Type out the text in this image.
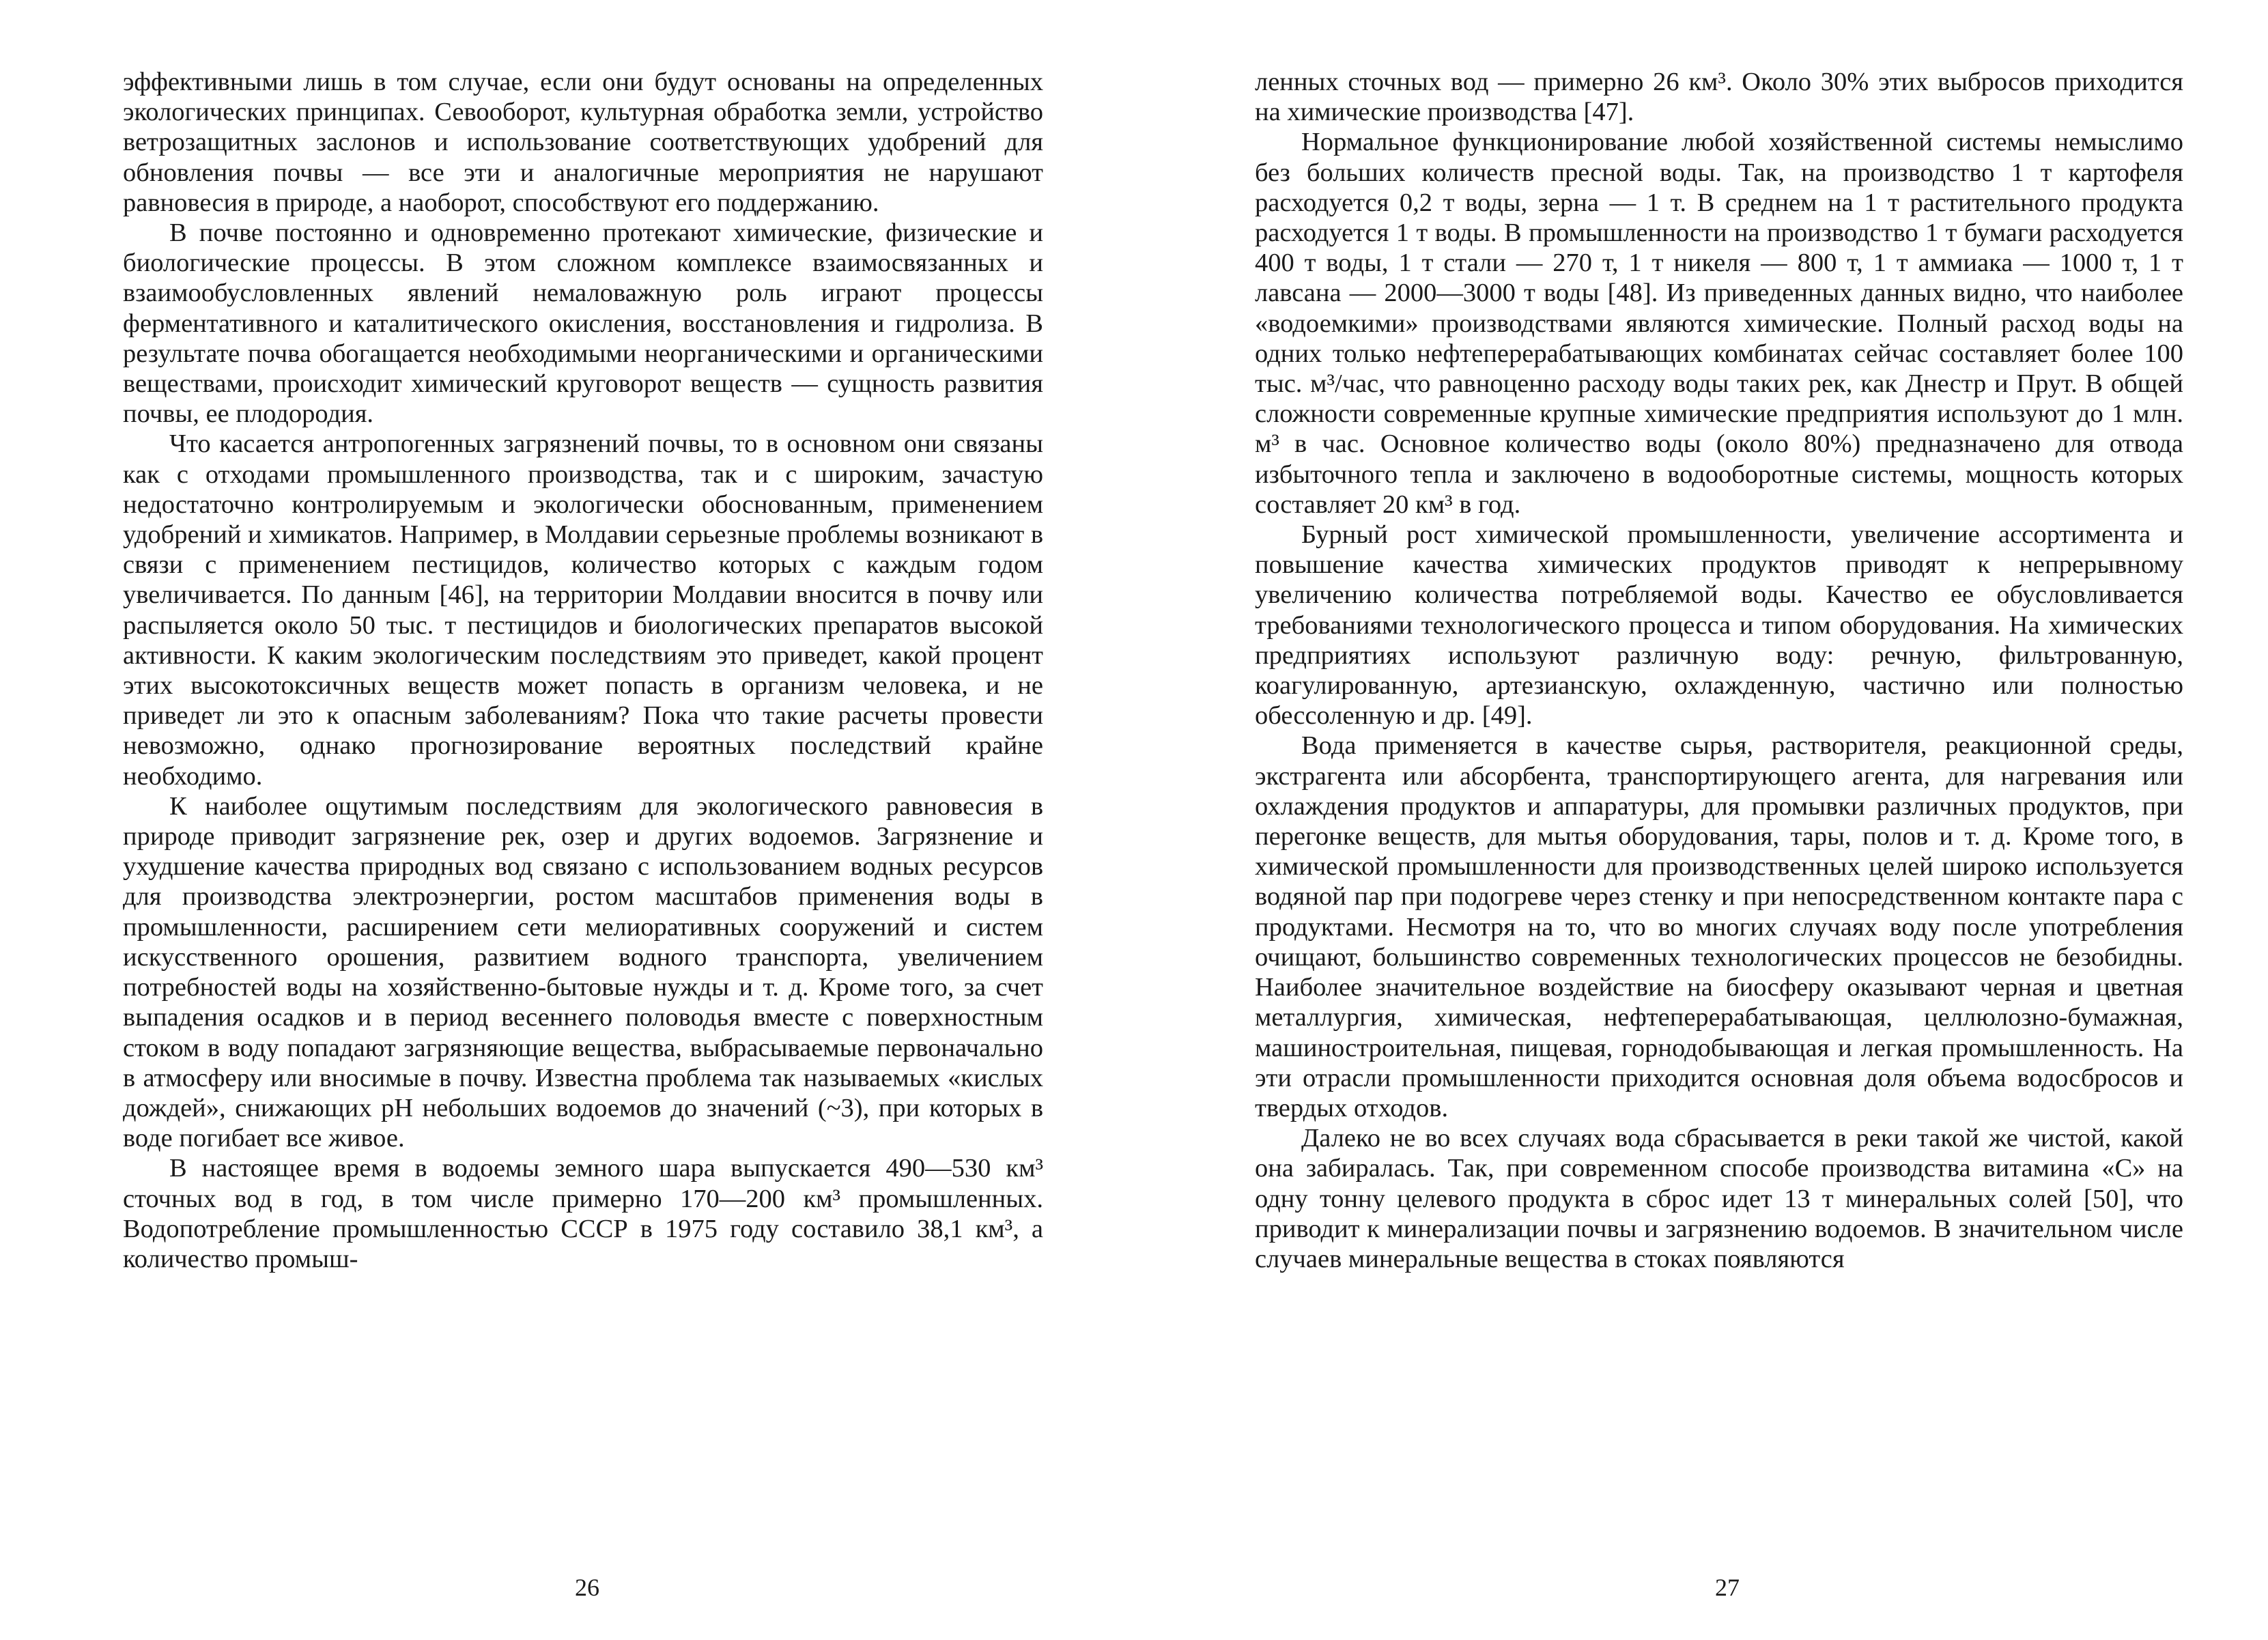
эффективными лишь в том случае, если они будут основаны на определенных экологических принципах. Севооборот, культурная обработка земли, устройство ветрозащитных заслонов и использование соответствующих удобрений для обновления почвы — все эти и аналогичные мероприятия не нарушают равновесия в природе, а наоборот, способствуют его поддержанию.

В почве постоянно и одновременно протекают химические, физические и биологические процессы. В этом сложном комплексе взаимосвязанных и взаимообусловленных явлений немаловажную роль играют процессы ферментативного и каталитического окисления, восстановления и гидролиза. В результате почва обогащается необходимыми неорганическими и органическими веществами, происходит химический круговорот веществ — сущность развития почвы, ее плодородия.

Что касается антропогенных загрязнений почвы, то в основном они связаны как с отходами промышленного производства, так и с широким, зачастую недостаточно контролируемым и экологически обоснованным, применением удобрений и химикатов. Например, в Молдавии серьезные проблемы возникают в связи с применением пестицидов, количество которых с каждым годом увеличивается. По данным [46], на территории Молдавии вносится в почву или распыляется около 50 тыс. т пестицидов и биологических препаратов высокой активности. К каким экологическим последствиям это приведет, какой процент этих высокотоксичных веществ может попасть в организм человека, и не приведет ли это к опасным заболеваниям? Пока что такие расчеты провести невозможно, однако прогнозирование вероятных последствий крайне необходимо.

К наиболее ощутимым последствиям для экологического равновесия в природе приводит загрязнение рек, озер и других водоемов. Загрязнение и ухудшение качества природных вод связано с использованием водных ресурсов для производства электроэнергии, ростом масштабов применения воды в промышленности, расширением сети мелиоративных сооружений и систем искусственного орошения, развитием водного транспорта, увеличением потребностей воды на хозяйственно-бытовые нужды и т. д. Кроме того, за счет выпадения осадков и в период весеннего половодья вместе с поверхностным стоком в воду попадают загрязняющие вещества, выбрасываемые первоначально в атмосферу или вносимые в почву. Известна проблема так называемых «кислых дождей», снижающих pH небольших водоемов до значений (~3), при которых в воде погибает все живое.

В настоящее время в водоемы земного шара выпускается 490—530 км³ сточных вод в год, в том числе примерно 170—200 км³ промышленных. Водопотребление промышленностью СССР в 1975 году составило 38,1 км³, а количество промыш-

26

ленных сточных вод — примерно 26 км³. Около 30% этих выбросов приходится на химические производства [47].

Нормальное функционирование любой хозяйственной системы немыслимо без больших количеств пресной воды. Так, на производство 1 т картофеля расходуется 0,2 т воды, зерна — 1 т. В среднем на 1 т растительного продукта расходуется 1 т воды. В промышленности на производство 1 т бумаги расходуется 400 т воды, 1 т стали — 270 т, 1 т никеля — 800 т, 1 т аммиака — 1000 т, 1 т лавсана — 2000—3000 т воды [48]. Из приведенных данных видно, что наиболее «водоемкими» производствами являются химические. Полный расход воды на одних только нефтеперерабатывающих комбинатах сейчас составляет более 100 тыс. м³/час, что равноценно расходу воды таких рек, как Днестр и Прут. В общей сложности современные крупные химические предприятия используют до 1 млн. м³ в час. Основное количество воды (около 80%) предназначено для отвода избыточного тепла и заключено в водооборотные системы, мощность которых составляет 20 км³ в год.

Бурный рост химической промышленности, увеличение ассортимента и повышение качества химических продуктов приводят к непрерывному увеличению количества потребляемой воды. Качество ее обусловливается требованиями технологического процесса и типом оборудования. На химических предприятиях используют различную воду: речную, фильтрованную, коагулированную, артезианскую, охлажденную, частично или полностью обессоленную и др. [49].

Вода применяется в качестве сырья, растворителя, реакционной среды, экстрагента или абсорбента, транспортирующего агента, для нагревания или охлаждения продуктов и аппаратуры, для промывки различных продуктов, при перегонке веществ, для мытья оборудования, тары, полов и т. д. Кроме того, в химической промышленности для производственных целей широко используется водяной пар при подогреве через стенку и при непосредственном контакте пара с продуктами. Несмотря на то, что во многих случаях воду после употребления очищают, большинство современных технологических процессов не безобидны. Наиболее значительное воздействие на биосферу оказывают черная и цветная металлургия, химическая, нефтеперерабатывающая, целлюлозно-бумажная, машиностроительная, пищевая, горнодобывающая и легкая промышленность. На эти отрасли промышленности приходится основная доля объема водосбросов и твердых отходов.

Далеко не во всех случаях вода сбрасывается в реки такой же чистой, какой она забиралась. Так, при современном способе производства витамина «С» на одну тонну целевого продукта в сброс идет 13 т минеральных солей [50], что приводит к минерализации почвы и загрязнению водоемов. В значительном числе случаев минеральные вещества в стоках появляются

27
